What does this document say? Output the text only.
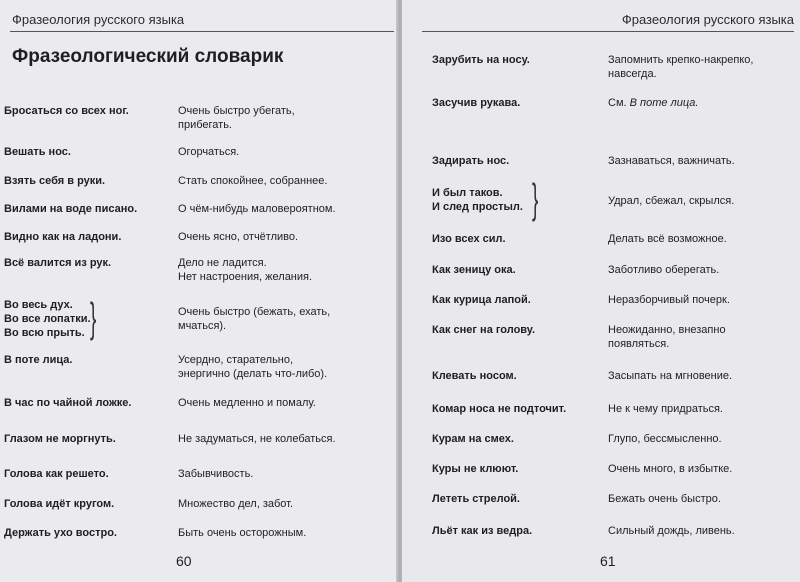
Фразеология русского языка
Фразеологический словарик
Бросаться со всех ног.	Очень быстро убегать,
прибегать.
Вешать нос.	Огорчаться.
Взять себя в руки.	Стать спокойнее, собраннее.
Вилами на воде писано.	О чём-нибудь маловероятном.
Видно как на ладони.	Очень ясно, отчётливо.
Всё валится из рук.	Дело не ладится.
Нет настроения, желания.
Во весь дух.
Во все лопатки.
Во всю прыть. }	Очень быстро (бежать, ехать,
мчаться).
В поте лица.	Усердно, старательно,
энергично (делать что-либо).
В час по чайной ложке.	Очень медленно и помалу.
Глазом не моргнуть.	Не задуматься, не колебаться.
Голова как решето.	Забывчивость.
Голова идёт кругом.	Множество дел, забот.
Держать ухо востро.	Быть очень осторожным.
60
Фразеология русского языка
Зарубить на носу.	Запомнить крепко-накрепко,
навсегда.
Засучив рукава.	См. В поте лица.
Задирать нос.	Зазнаваться, важничать.
И был таков.
И след простыл. }	Удрал, сбежал, скрылся.
Изо всех сил.	Делать всё возможное.
Как зеницу ока.	Заботливо оберегать.
Как курица лапой.	Неразборчивый почерк.
Как снег на голову.	Неожиданно, внезапно
появляться.
Клевать носом.	Засыпать на мгновение.
Комар носа не подточит.	Не к чему придраться.
Курам на смех.	Глупо, бессмысленно.
Куры не клюют.	Очень много, в избытке.
Лететь стрелой.	Бежать очень быстро.
Льёт как из ведра.	Сильный дождь, ливень.
61
